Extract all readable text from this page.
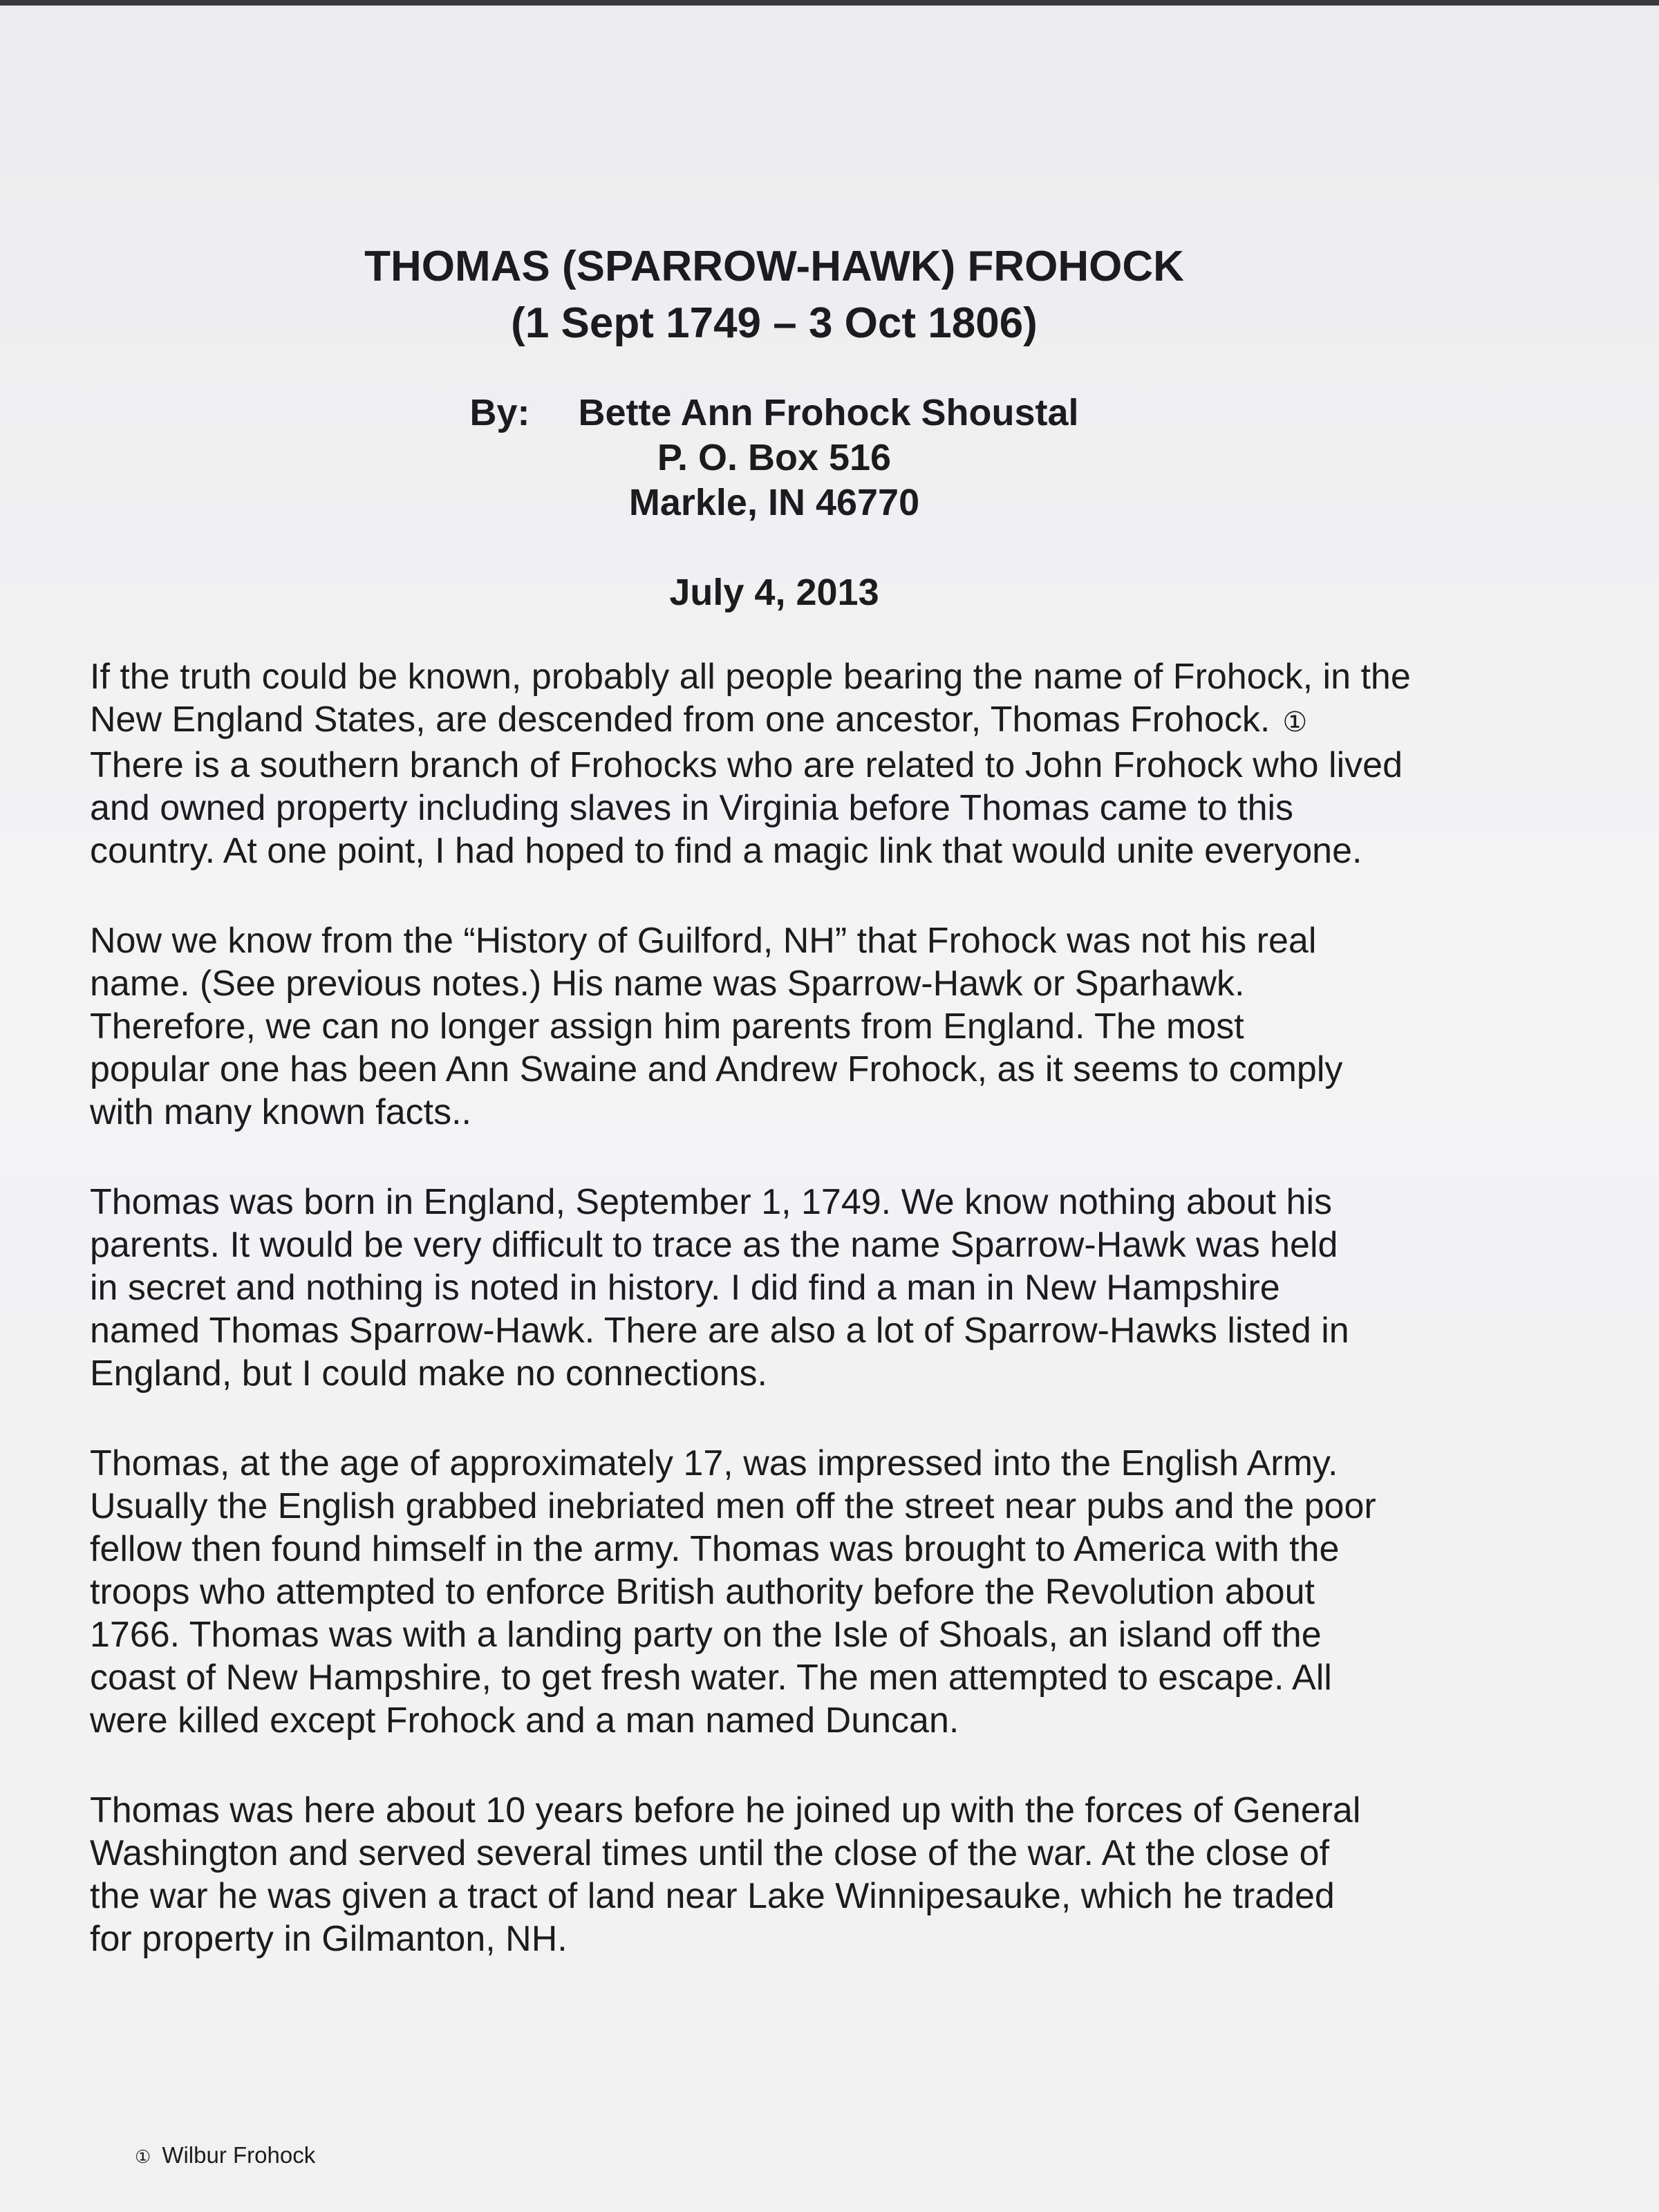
THOMAS (SPARROW-HAWK) FROHOCK

(1 Sept 1749 – 3 Oct 1806)

By: Bette Ann Frohock Shoustal
P. O. Box 516
Markle, IN 46770
July 4, 2013

If the truth could be known, probably all people bearing the name of Frohock, in the
New England States, are descended from one ancestor, Thomas Frohock. ①

There is a southern branch of Frohocks who are related to John Frohock who lived
and owned property including slaves in Virginia before Thomas came to this
country. At one point, I had hoped to find a magic link that would unite everyone.

Now we know from the “History of Guilford, NH” that Frohock was not his real
name. (See previous notes.) His name was Sparrow-Hawk or Sparhawk.
Therefore, we can no longer assign him parents from England. The most
popular one has been Ann Swaine and Andrew Frohock, as it seems to comply
with many known facts..

Thomas was born in England, September 1, 1749. We know nothing about his
parents. It would be very difficult to trace as the name Sparrow-Hawk was held
in secret and nothing is noted in history. I did find a man in New Hampshire
named Thomas Sparrow-Hawk. There are also a lot of Sparrow-Hawks listed in
England, but I could make no connections.

Thomas, at the age of approximately 17, was impressed into the English Army.
Usually the English grabbed inebriated men off the street near pubs and the poor
fellow then found himself in the army. Thomas was brought to America with the
troops who attempted to enforce British authority before the Revolution about
1766. Thomas was with a landing party on the Isle of Shoals, an island off the
coast of New Hampshire, to get fresh water. The men attempted to escape. All
were killed except Frohock and a man named Duncan.

Thomas was here about 10 years before he joined up with the forces of General
Washington and served several times until the close of the war. At the close of
the war he was given a tract of land near Lake Winnipesauke, which he traded
for property in Gilmanton, NH.

① Wilbur Frohock
